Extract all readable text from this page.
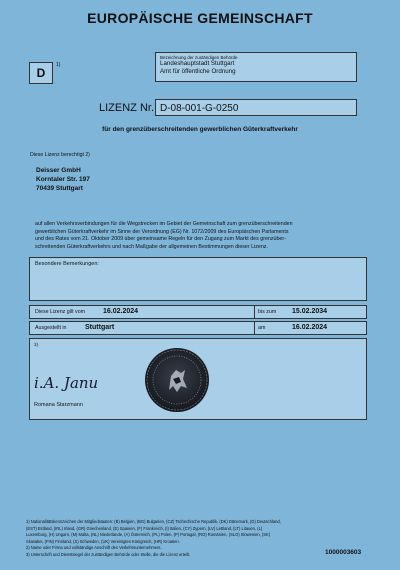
EUROPÄISCHE GEMEINSCHAFT
D
1)
Bezeichnung der zuständigen Behörde
Landeshauptstadt Stuttgart
Amt für öffentliche Ordnung
LIZENZ Nr. D-08-001-G-0250
für den grenzüberschreitenden gewerblichen Güterkraftverkehr
Diese Lizenz berechtigt 2)
Deisser GmbH
Korntaler Str. 197
70439 Stuttgart
auf allen Verkehrsverbindungen für die Wegstrecken im Gebiet der Gemeinschaft zum grenzüberschreitenden
gewerblichen Güterkraftverkehr im Sinne der Verordnung (EG) Nr. 1072/2009 des Europäischen Parlaments
und des Rates vom 21. Oktober 2009 über gemeinsame Regeln für den Zugang zum Markt des grenzüber-
schreitenden Güterkraftverkehrs und nach Maßgabe der allgemeinen Bestimmungen dieser Lizenz.
Besondere Bemerkungen:
Diese Lizenz gilt vom	16.02.2024	bis zum 15.02.2034
Ausgestellt in	Stuttgart	am	16.02.2024
3)
i.A. Janu
Romana Starzmann
1) Nationalitätskennzeichen der Mitgliedstaaten: (B) Belgien, (BG) Bulgarien, (CZ) Tschechische Republik, (DK) Dänemark, (D) Deutschland,
(EST) Estland, (IRL) Irland, (GR) Griechenland, (E) Spanien, (F) Frankreich, (I) Italien, (CY) Zypern, (LV) Lettland, (LT) Litauen, (L)
Luxemburg, (H) Ungarn, (M) Malta, (NL) Niederlande, (A) Österreich, (PL) Polen, (P) Portugal, (RO) Rumänien, (SLO) Slowenien, (SK)
Slowakei, (FIN) Finnland, (S) Schweden, (UK) Vereinigtes Königreich, (HR) Kroatien.
2) Name oder Firma und vollständige Anschrift des Verkehrsunternehmers.
3) Unterschrift und Dienstsiegel der zuständigen Behörde oder Stelle, die die Lizenz erteilt.	1000003603
